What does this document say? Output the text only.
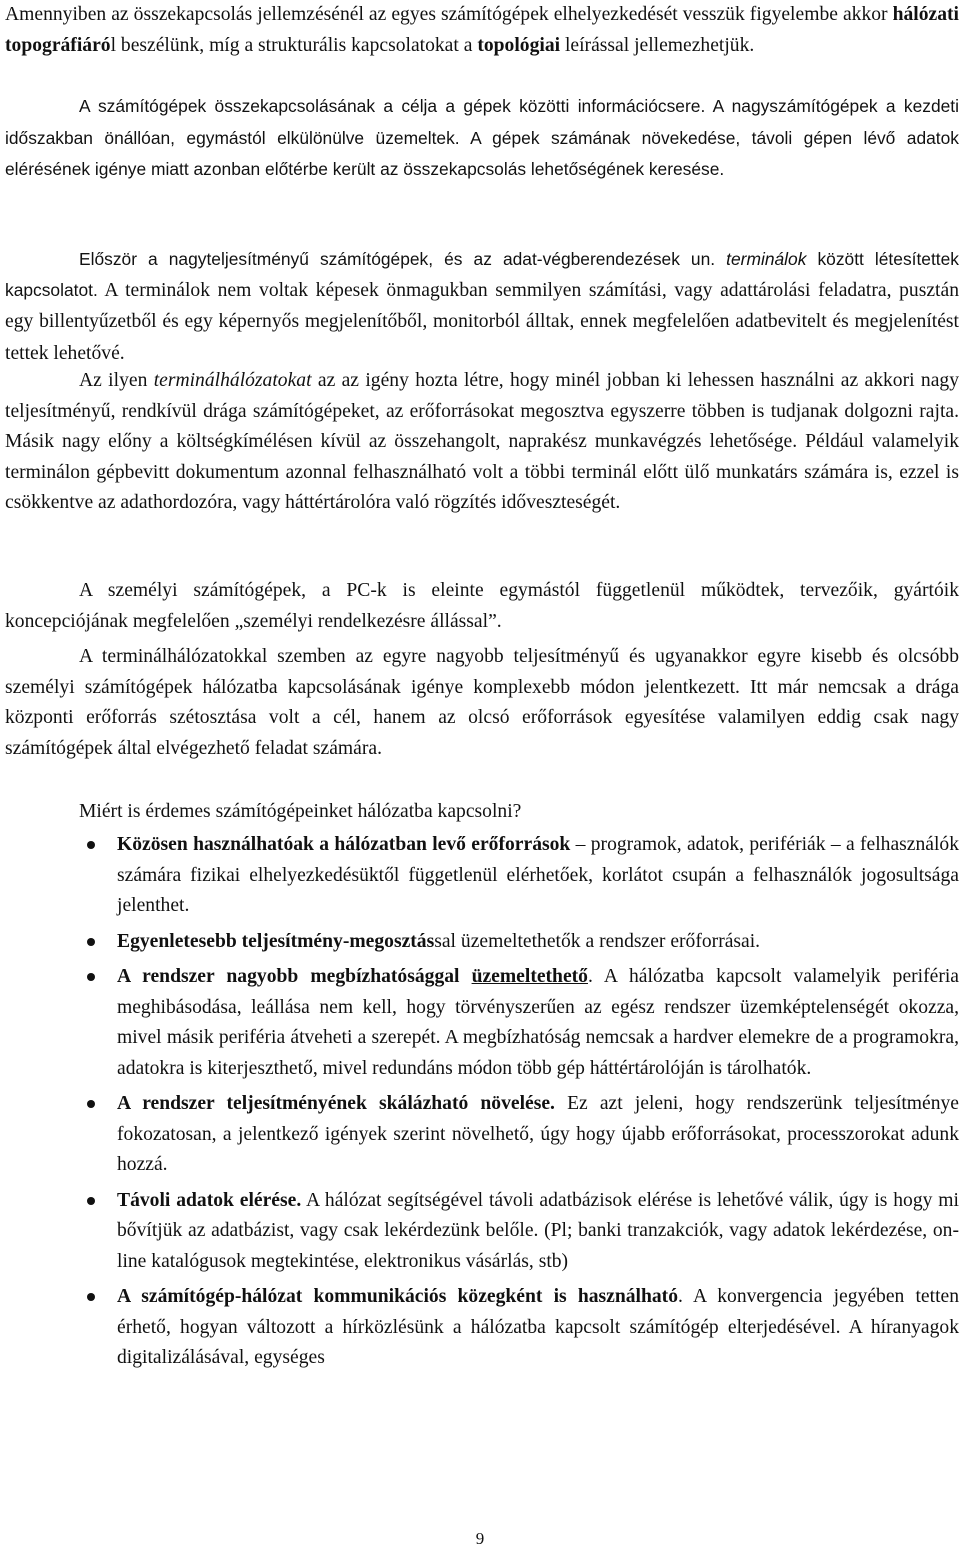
Amennyiben az összekapcsolás jellemzésénél az egyes számítógépek elhelyezkedését vesszük figyelembe akkor hálózati topográfiáról beszélünk, míg a strukturális kapcsolatokat a topológiai leírással jellemezhetjük.

A számítógépek összekapcsolásának a célja a gépek közötti információcsere. A nagyszámítógépek a kezdeti időszakban önállóan, egymástól elkülönülve üzemeltek. A gépek számának növekedése, távoli gépen lévő adatok elérésének igénye miatt azonban előtérbe került az összekapcsolás lehetőségének keresése.

Először a nagyteljesítményű számítógépek, és az adat-végberendezések un. terminálok között létesítettek kapcsolatot. A terminálok nem voltak képesek önmagukban semmilyen számítási, vagy adattárolási feladatra, pusztán egy billentyűzetből és egy képernyős megjelenítőből, monitorból álltak, ennek megfelelően adatbevitelt és megjelenítést tettek lehetővé.

Az ilyen terminálhálózatokat az az igény hozta létre, hogy minél jobban ki lehessen használni az akkori nagy teljesítményű, rendkívül drága számítógépeket, az erőforrásokat megosztva egyszerre többen is tudjanak dolgozni rajta. Másik nagy előny a költségkímélésen kívül az összehangolt, naprakész munkavégzés lehetősége. Például valamelyik terminálon gépbevitt dokumentum azonnal felhasználható volt a többi terminál előtt ülő munkatárs számára is, ezzel is csökkentve az adathordozóra, vagy háttértárolóra való rögzítés időveszteségét.

A személyi számítógépek, a PC-k is eleinte egymástól függetlenül működtek, tervezőik, gyártóik koncepciójának megfelelően „személyi rendelkezésre állással”.

A terminálhálózatokkal szemben az egyre nagyobb teljesítményű és ugyanakkor egyre kisebb és olcsóbb személyi számítógépek hálózatba kapcsolásának igénye komplexebb módon jelentkezett. Itt már nemcsak a drága központi erőforrás szétosztása volt a cél, hanem az olcsó erőforrások egyesítése valamilyen eddig csak nagy számítógépek által elvégezhető feladat számára.

Miért is érdemes számítógépeinket hálózatba kapcsolni?

Közösen használhatóak a hálózatban levő erőforrások – programok, adatok, perifériák – a felhasználók számára fizikai elhelyezkedésüktől függetlenül elérhetőek, korlátot csupán a felhasználók jogosultsága jelenthet.
Egyenletesebb teljesítmény-megosztással üzemeltethetők a rendszer erőforrásai.
A rendszer nagyobb megbízhatósággal üzemeltethető. A hálózatba kapcsolt valamelyik periféria meghibásodása, leállása nem kell, hogy törvényszerűen az egész rendszer üzemképtelenségét okozza, mivel másik periféria átveheti a szerepét. A megbízhatóság nemcsak a hardver elemekre de a programokra, adatokra is kiterjeszthető, mivel redundáns módon több gép háttértárolóján is tárolhatók.
A rendszer teljesítményének skálázható növelése. Ez azt jeleni, hogy rendszerünk teljesítménye fokozatosan, a jelentkező igények szerint növelhető, úgy hogy újabb erőforrásokat, processzorokat adunk hozzá.
Távoli adatok elérése. A hálózat segítségével távoli adatbázisok elérése is lehetővé válik, úgy is hogy mi bővítjük az adatbázist, vagy csak lekérdezünk belőle. (Pl; banki tranzakciók, vagy adatok lekérdezése, on-line katalógusok megtekintése, elektronikus vásárlás, stb)
A számítógép-hálózat kommunikációs közegként is használható. A konvergencia jegyében tetten érhető, hogyan változott a hírközlésünk a hálózatba kapcsolt számítógép elterjedésével. A híranyagok digitalizálásával, egységes
9
